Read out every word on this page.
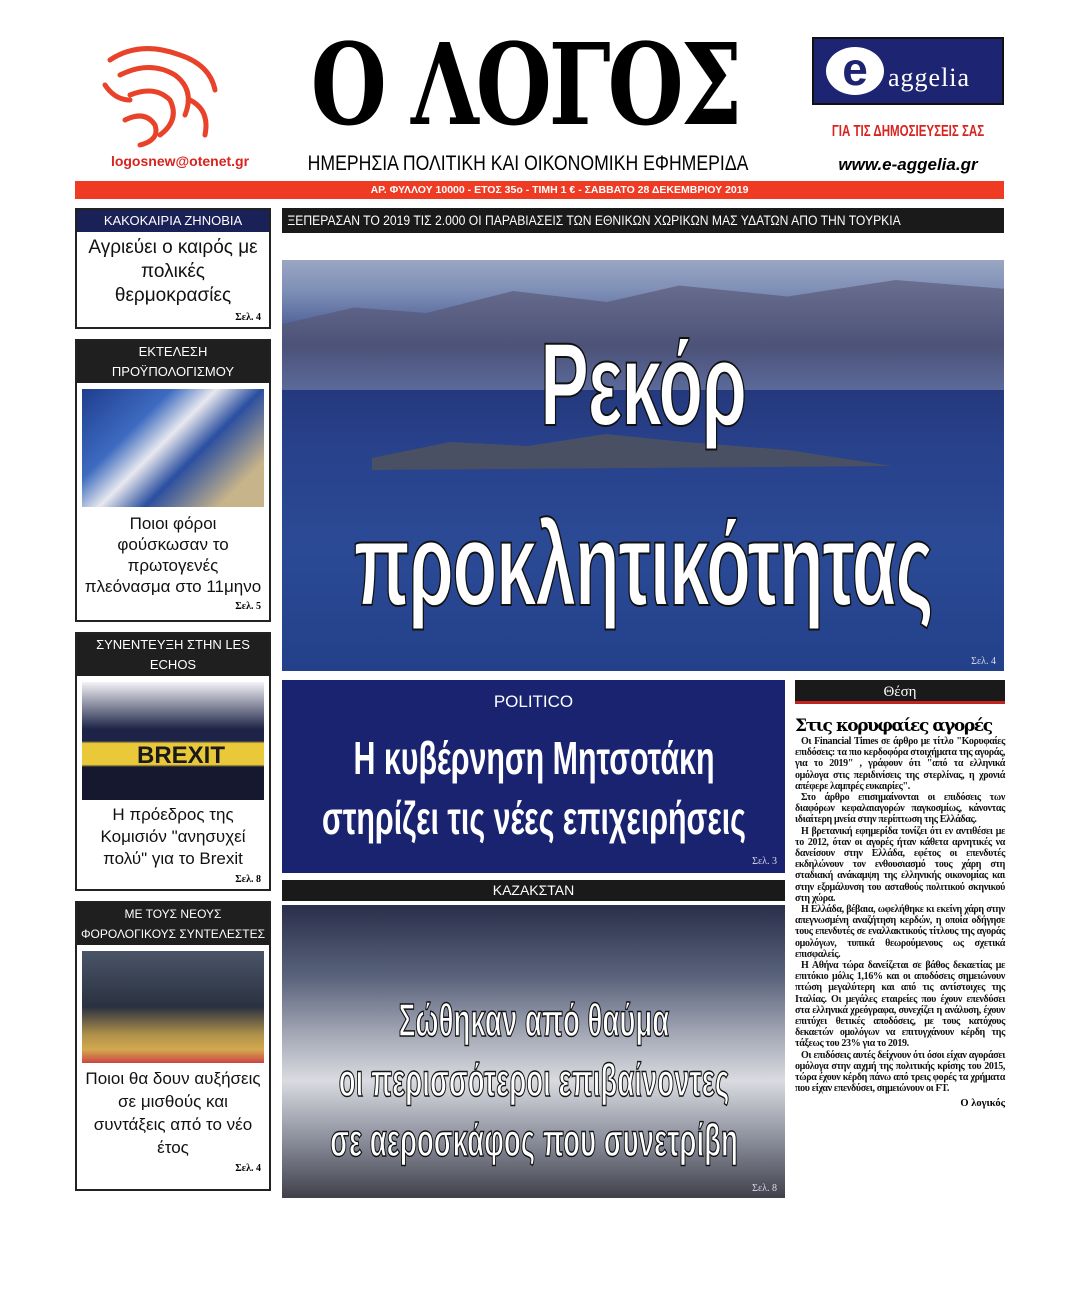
logosnew@otenet.gr
Ο ΛΟΓΟΣ
ΗΜΕΡΗΣΙΑ ΠΟΛΙΤΙΚΗ ΚΑΙ ΟΙΚΟΝΟΜΙΚΗ ΕΦΗΜΕΡΙΔΑ
e aggelia
ΓΙΑ ΤΙΣ ΔΗΜΟΣΙΕΥΣΕΙΣ ΣΑΣ
www.e-aggelia.gr
ΑΡ. ΦΥΛΛΟΥ 10000 - ΕΤΟΣ 35ο - ΤΙΜΗ 1 € - ΣΑΒΒΑΤΟ 28 ΔΕΚΕΜΒΡΙΟΥ 2019
ΚΑΚΟΚΑΙΡΙΑ ΖΗΝΟΒΙΑ
Αγριεύει ο καιρός με πολικές θερμοκρασίες
Σελ. 4
ΕΚΤΕΛΕΣΗ ΠΡΟΫΠΟΛΟΓΙΣΜΟΥ
Ποιοι φόροι φούσκωσαν το πρωτογενές πλεόνασμα στο 11μηνο
Σελ. 5
ΣΥΝΕΝΤΕΥΞΗ ΣΤΗΝ LES ECHOS
BREXIT
Η πρόεδρος της Κομισιόν "ανησυχεί πολύ" για το Brexit
Σελ. 8
ΜΕ ΤΟΥΣ ΝΕΟΥΣ ΦΟΡΟΛΟΓΙΚΟΥΣ ΣΥΝΤΕΛΕΣΤΕΣ
Ποιοι θα δουν αυξήσεις σε μισθούς και συντάξεις από το νέο έτος
Σελ. 4
ΞΕΠΕΡΑΣΑΝ ΤΟ 2019 ΤΙΣ 2.000 ΟΙ ΠΑΡΑΒΙΑΣΕΙΣ ΤΩΝ ΕΘΝΙΚΩΝ ΧΩΡΙΚΩΝ ΜΑΣ ΥΔΑΤΩΝ ΑΠΟ ΤΗΝ ΤΟΥΡΚΙΑ
Ρεκόρ
προκλητικότητας
Σελ. 4
POLITICO
Η κυβέρνηση Μητσοτάκη
στηρίζει τις νέες επιχειρήσεις
Σελ. 3
ΚΑΖΑΚΣΤΑΝ
Σώθηκαν από θαύμα
οι περισσότεροι επιβαίνοντες
σε αεροσκάφος που συνετρίβη
Σελ. 8
Θέση
Στις κορυφαίες αγορές

Οι Financial Times σε άρθρο με τίτλο "Κορυφαίες επιδόσεις: τα πιο κερδοφόρα στοιχήματα της αγοράς, για το 2019" , γράφουν ότι "από τα ελληνικά ομόλογα στις περιδινίσεις της στερλίνας, η χρονιά απέφερε λαμπρές ευκαιρίες".

Στο άρθρο επισημαίνονται οι επιδόσεις των διαφόρων κεφαλαιαγορών παγκοσμίως, κάνοντας ιδιαίτερη μνεία στην περίπτωση της Ελλάδας.

Η βρετανική εφημερίδα τονίζει ότι εν αντιθέσει με το 2012, όταν οι αγορές ήταν κάθετα αρνητικές να δανείσουν στην Ελλάδα, εφέτος οι επενδυτές εκδηλώνουν τον ενθουσιασμό τους χάρη στη σταδιακή ανάκαμψη της ελληνικής οικονομίας και στην εξομάλυνση του ασταθούς πολιτικού σκηνικού στη χώρα.

Η Ελλάδα, βέβαια, ωφελήθηκε κι εκείνη χάρη στην απεγνωσμένη αναζήτηση κερδών, η οποία οδήγησε τους επενδυτές σε εναλλακτικούς τίτλους της αγοράς ομολόγων, τυπικά θεωρούμενους ως σχετικά επισφαλείς.

Η Αθήνα τώρα δανείζεται σε βάθος δεκαετίας με επιτόκιο μόλις 1,16% και οι αποδόσεις σημειώνουν πτώση μεγαλύτερη και από τις αντίστοιχες της Ιταλίας. Οι μεγάλες εταιρείες που έχουν επενδύσει στα ελληνικά χρεόγραφα, συνεχίζει η ανάλυση, έχουν επιτύχει θετικές αποδόσεις, με τους κατόχους δεκαετών ομολόγων να επιτυγχάνουν κέρδη της τάξεως του 23% για το 2019.

Οι επιδόσεις αυτές δείχνουν ότι όσοι είχαν αγοράσει ομόλογα στην αιχμή της πολιτικής κρίσης του 2015, τώρα έχουν κέρδη πάνω από τρεις φορές τα χρήματα που είχαν επενδύσει, σημειώνουν οι FT.

Ο λογικός
